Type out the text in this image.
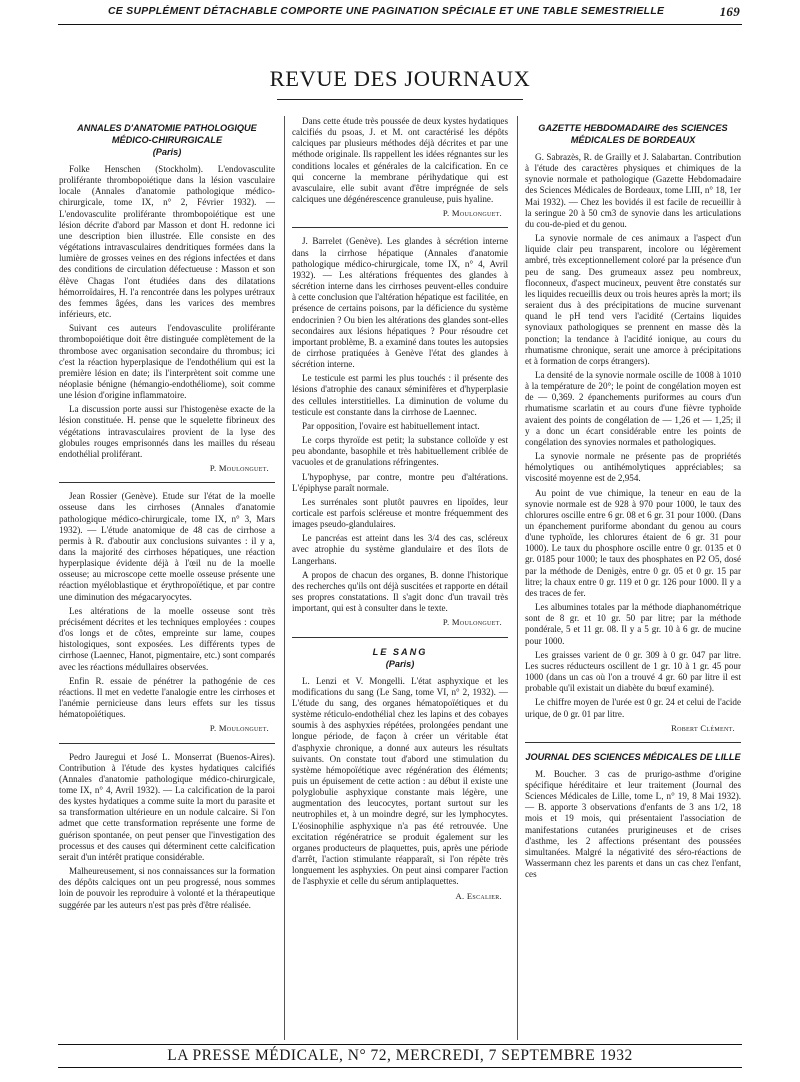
CE SUPPLÉMENT DÉTACHABLE COMPORTE UNE PAGINATION SPÉCIALE ET UNE TABLE SEMESTRIELLE	169
REVUE DES JOURNAUX
ANNALES D'ANATOMIE PATHOLOGIQUE MÉDICO-CHIRURGICALE
(Paris)

Folke Henschen (Stockholm). L'endovasculite proliférante thrombopoiétique dans la lésion vasculaire locale (Annales d'anatomie pathologique médico-chirurgicale, tome IX, n° 2, Février 1932). — L'endovasculite proliférante thrombopoiétique est une lésion décrite d'abord par Masson et dont H. redonne ici une description bien illustrée. Elle consiste en des végétations intravasculaires dendritiques formées dans la lumière de grosses veines en des régions infectées et dans des conditions de circulation défectueuse : Masson et son élève Chagas l'ont étudiées dans des dilatations hémorroïdaires, H. l'a rencontrée dans les polypes urétraux des femmes âgées, dans les varices des membres inférieurs, etc.

Suivant ces auteurs l'endovasculite proliférante thrombopoiétique doit être distinguée complètement de la thrombose avec organisation secondaire du thrombus; ici c'est la réaction hyperplasique de l'endothélium qui est la première lésion en date; ils l'interprètent soit comme une néoplasie bénigne (hémangio-endothéliome), soit comme une lésion d'origine inflammatoire.

La discussion porte aussi sur l'histogenèse exacte de la lésion constituée. H. pense que le squelette fibrineux des végétations intravasculaires provient de la lyse des globules rouges emprisonnés dans les mailles du réseau endothélial proliférant.

P. Moulonguet.

Jean Rossier (Genève). Etude sur l'état de la moelle osseuse dans les cirrhoses (Annales d'anatomie pathologique médico-chirurgicale, tome IX, n° 3, Mars 1932). — L'étude anatomique de 48 cas de cirrhose a permis à R. d'aboutir aux conclusions suivantes : il y a, dans la majorité des cirrhoses hépatiques, une réaction hyperplasique évidente déjà à l'œil nu de la moelle osseuse; au microscope cette moelle osseuse présente une réaction myéloblastique et érythropoïétique, et par contre une diminution des mégacaryocytes.

Les altérations de la moelle osseuse sont très précisément décrites et les techniques employées : coupes d'os longs et de côtes, empreinte sur lame, coupes histologiques, sont exposées. Les différents types de cirrhose (Laennec, Hanot, pigmentaire, etc.) sont comparés avec les réactions médullaires observées.

Enfin R. essaie de pénétrer la pathogénie de ces réactions. Il met en vedette l'analogie entre les cirrhoses et l'anémie pernicieuse dans leurs effets sur les tissus hématopoïétiques.

P. Moulonguet.

Pedro Jauregui et José L. Monserrat (Buenos-Aires). Contribution à l'étude des kystes hydatiques calcifiés (Annales d'anatomie pathologique médico-chirurgicale, tome IX, n° 4, Avril 1932). — La calcification de la paroi des kystes hydatiques a comme suite la mort du parasite et sa transformation ultérieure en un nodule calcaire. Si l'on admet que cette transformation représente une forme de guérison spontanée, on peut penser que l'investigation des processus et des causes qui déterminent cette calcification serait d'un intérêt pratique considérable.

Malheureusement, si nos connaissances sur la formation des dépôts calciques ont un peu progressé, nous sommes loin de pouvoir les reproduire à volonté et la thérapeutique suggérée par les auteurs n'est pas près d'être réalisée.

Dans cette étude très poussée de deux kystes hydatiques calcifiés du psoas, J. et M. ont caractérisé les dépôts calciques par plusieurs méthodes déjà décrites et par une méthode originale. Ils rappellent les idées régnantes sur les conditions locales et générales de la calcification. En ce qui concerne la membrane périhydatique qui est avasculaire, elle subit avant d'être imprégnée de sels calciques une dégénérescence granuleuse, puis hyaline.

P. Moulonguet.

J. Barrelet (Genève). Les glandes à sécrétion interne dans la cirrhose hépatique (Annales d'anatomie pathologique médico-chirurgicale, tome IX, n° 4, Avril 1932). — Les altérations fréquentes des glandes à sécrétion interne dans les cirrhoses peuvent-elles conduire à cette conclusion que l'altération hépatique est facilitée, en présence de certains poisons, par la déficience du système endocrinien ? Ou bien les altérations des glandes sont-elles secondaires aux lésions hépatiques ? Pour résoudre cet important problème, B. a examiné dans toutes les autopsies de cirrhose pratiquées à Genève l'état des glandes à sécrétion interne.

Le testicule est parmi les plus touchés : il présente des lésions d'atrophie des canaux séminifères et d'hyperplasie des cellules interstitielles. La diminution de volume du testicule est constante dans la cirrhose de Laennec.

Par opposition, l'ovaire est habituellement intact.

Le corps thyroïde est petit; la substance colloïde y est peu abondante, basophile et très habituellement criblée de vacuoles et de granulations réfringentes.

L'hypophyse, par contre, montre peu d'altérations. L'épiphyse paraît normale.

Les surrénales sont plutôt pauvres en lipoïdes, leur corticale est parfois scléreuse et montre fréquemment des images pseudo-glandulaires.

Le pancréas est atteint dans les 3/4 des cas, scléreux avec atrophie du système glandulaire et des îlots de Langerhans.

A propos de chacun des organes, B. donne l'historique des recherches qu'ils ont déjà suscitées et rapporte en détail ses propres constatations. Il s'agit donc d'un travail très important, qui est à consulter dans le texte.

P. Moulonguet.
LE SANG
(Paris)

L. Lenzi et V. Mongelli. L'état asphyxique et les modifications du sang (Le Sang, tome VI, n° 2, 1932). — L'étude du sang, des organes hématopoïétiques et du système réticulo-endothélial chez les lapins et des cobayes soumis à des asphyxies répétées, prolongées pendant une longue période, de façon à créer un véritable état d'asphyxie chronique, a donné aux auteurs les résultats suivants. On constate tout d'abord une stimulation du système hémopoïétique avec régénération des éléments; puis un épuisement de cette action : au début il existe une polyglobulie asphyxique constante mais légère, une augmentation des leucocytes, portant surtout sur les neutrophiles et, à un moindre degré, sur les lymphocytes. L'éosinophilie asphyxique n'a pas été retrouvée. Une excitation régénératrice se produit également sur les organes producteurs de plaquettes, puis, après une période d'arrêt, l'action stimulante réapparaît, si l'on répète très longuement les asphyxies. On peut ainsi comparer l'action de l'asphyxie et celle du sérum antiplaquettes.

A. Escalier.
GAZETTE HEBDOMADAIRE des SCIENCES MÉDICALES DE BORDEAUX

G. Sabrazès, R. de Grailly et J. Salabartan. Contribution à l'étude des caractères physiques et chimiques de la synovie normale et pathologique (Gazette Hebdomadaire des Sciences Médicales de Bordeaux, tome LIII, n° 18, 1er Mai 1932). — Chez les bovidés il est facile de recueillir à la seringue 20 à 50 cm3 de synovie dans les articulations du cou-de-pied et du genou.

La synovie normale de ces animaux a l'aspect d'un liquide clair peu transparent, incolore ou légèrement ambré, très exceptionnellement coloré par la présence d'un peu de sang. Des grumeaux assez peu nombreux, floconneux, d'aspect mucineux, peuvent être constatés sur les liquides recueillis deux ou trois heures après la mort; ils seraient dus à des précipitations de mucine survenant quand le pH tend vers l'acidité (Certains liquides synoviaux pathologiques se prennent en masse dès la ponction; la tendance à l'acidité ionique, au cours du rhumatisme chronique, serait une amorce à précipitations et à formation de corps étrangers).

La densité de la synovie normale oscille de 1008 à 1010 à la température de 20°; le point de congélation moyen est de — 0,369. 2 épanchements puriformes au cours d'un rhumatisme scarlatin et au cours d'une fièvre typhoïde avaient des points de congélation de — 1,26 et — 1,25; il y a donc un écart considérable entre les points de congélation des synovies normales et pathologiques.

La synovie normale ne présente pas de propriétés hémolytiques ou antihémolytiques appréciables; sa viscosité moyenne est de 2,954.

Au point de vue chimique, la teneur en eau de la synovie normale est de 928 à 970 pour 1000, le taux des chlorures oscille entre 6 gr. 08 et 6 gr. 31 pour 1000. (Dans un épanchement puriforme abondant du genou au cours d'une typhoïde, les chlorures étaient de 6 gr. 31 pour 1000). Le taux du phosphore oscille entre 0 gr. 0135 et 0 gr. 0185 pour 1000; le taux des phosphates en P2 O5, dosé par la méthode de Denigès, entre 0 gr. 05 et 0 gr. 15 par litre; la chaux entre 0 gr. 119 et 0 gr. 126 pour 1000. Il y a des traces de fer.

Les albumines totales par la méthode diaphanométrique sont de 8 gr. et 10 gr. 50 par litre; par la méthode pondérale, 5 et 11 gr. 08. Il y a 5 gr. 10 à 6 gr. de mucine pour 1000.

Les graisses varient de 0 gr. 309 à 0 gr. 047 par litre. Les sucres réducteurs oscillent de 1 gr. 10 à 1 gr. 45 pour 1000 (dans un cas où l'on a trouvé 4 gr. 60 par litre il est probable qu'il existait un diabète du bœuf examiné).

Le chiffre moyen de l'urée est 0 gr. 24 et celui de l'acide urique, de 0 gr. 01 par litre.

Robert Clément.
JOURNAL DES SCIENCES MÉDICALES DE LILLE

M. Boucher. 3 cas de prurigo-asthme d'origine spécifique héréditaire et leur traitement (Journal des Sciences Médicales de Lille, tome L, n° 19, 8 Mai 1932). — B. apporte 3 observations d'enfants de 3 ans 1/2, 18 mois et 19 mois, qui présentaient l'association de manifestations cutanées prurigineuses et de crises d'asthme, les 2 affections présentant des poussées simultanées. Malgré la négativité des séro-réactions de Wassermann chez les parents et dans un cas chez l'enfant, ces

LA PRESSE MÉDICALE, N° 72, MERCREDI, 7 SEPTEMBRE 1932
